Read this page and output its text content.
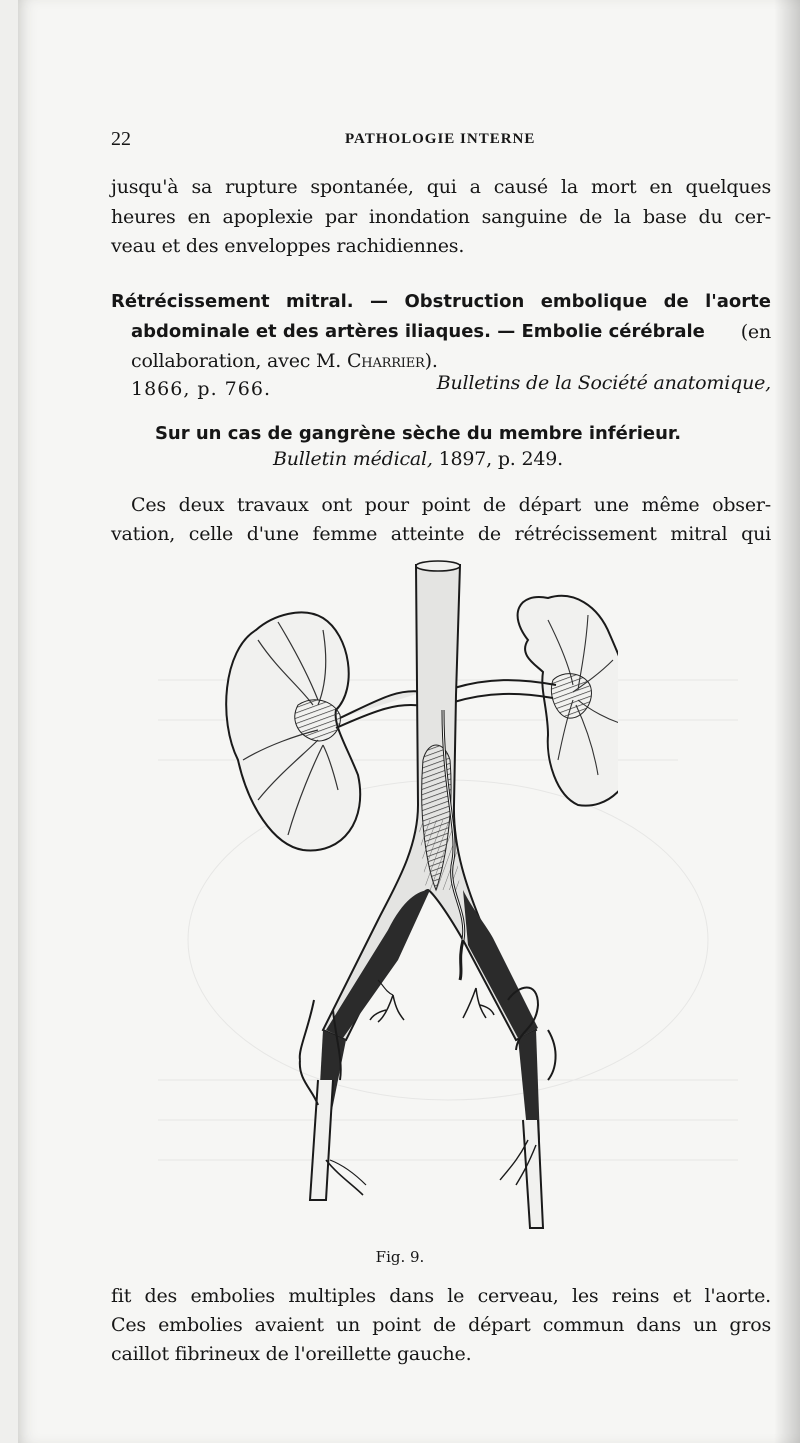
22	PATHOLOGIE INTERNE
jusqu'à sa rupture spontanée, qui a causé la mort en quelques
heures en apoplexie par inondation sanguine de la base du cer-
veau et des enveloppes rachidiennes.
Rétrécissement mitral. — Obstruction embolique de l'aorte
abdominale et des artères iliaques. — Embolie cérébrale (en
collaboration, avec M. Charrier).
Bulletins de la Société anatomique,
1866, p. 766.
Sur un cas de gangrène sèche du membre inférieur.
Bulletin médical, 1897, p. 249.
Ces deux travaux ont pour point de départ une même obser-
vation, celle d'une femme atteinte de rétrécissement mitral qui
Fig. 9.
fit des embolies multiples dans le cerveau, les reins et l'aorte.
Ces embolies avaient un point de départ commun dans un gros
caillot fibrineux de l'oreillette gauche.
